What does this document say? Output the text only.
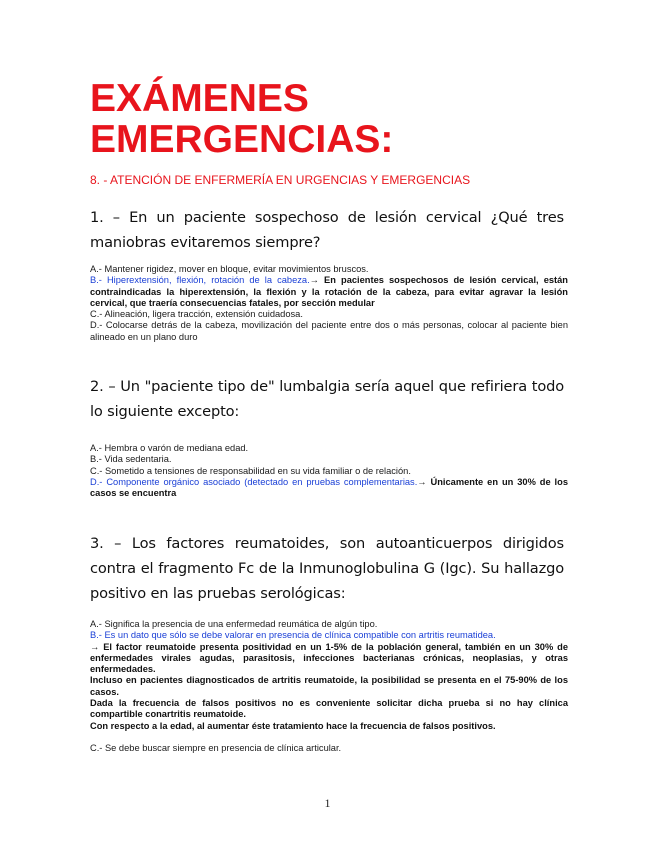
EXÁMENES EMERGENCIAS:

8. - ATENCIÓN DE ENFERMERÍA EN URGENCIAS Y EMERGENCIAS

1. – En un paciente sospechoso de lesión cervical ¿Qué tres maniobras evitaremos siempre?

A.- Mantener rigidez, mover en bloque, evitar movimientos bruscos.

B.- Hiperextensión, flexión, rotación de la cabeza.→ En pacientes sospechosos de lesión cervical, están contraindicadas la hiperextensión, la flexión y la rotación de la cabeza, para evitar agravar la lesión cervical, que traería consecuencias fatales, por sección medular

C.- Alineación, ligera tracción, extensión cuidadosa.

D.- Colocarse detrás de la cabeza, movilización del paciente entre dos o más personas, colocar al paciente bien alineado en un plano duro

2. – Un "paciente tipo de" lumbalgia sería aquel que refiriera todo lo siguiente excepto:

A.- Hembra o varón de mediana edad.

B.- Vida sedentaria.

C.- Sometido a tensiones de responsabilidad en su vida familiar o de relación.

D.- Componente orgánico asociado (detectado en pruebas complementarias.→ Únicamente en un 30% de los casos se encuentra

3. – Los factores reumatoides, son autoanticuerpos dirigidos contra el fragmento Fc de la Inmunoglobulina G (Igc). Su hallazgo positivo en las pruebas serológicas:

A.- Significa la presencia de una enfermedad reumática de algún tipo.

B.- Es un dato que sólo se debe valorar en presencia de clínica compatible con artritis reumatidea.

→ El factor reumatoide presenta positividad en un 1-5% de la población general, también en un 30% de enfermedades virales agudas, parasitosis, infecciones bacterianas crónicas, neoplasias, y otras enfermedades.

Incluso en pacientes diagnosticados de artritis reumatoide, la posibilidad se presenta en el 75-90% de los casos.

Dada la frecuencia de falsos positivos no es conveniente solicitar dicha prueba si no hay clínica compartible conartritis reumatoide.

Con respecto a la edad, al aumentar éste tratamiento hace la frecuencia de falsos positivos.

C.- Se debe buscar siempre en presencia de clínica articular.

1
